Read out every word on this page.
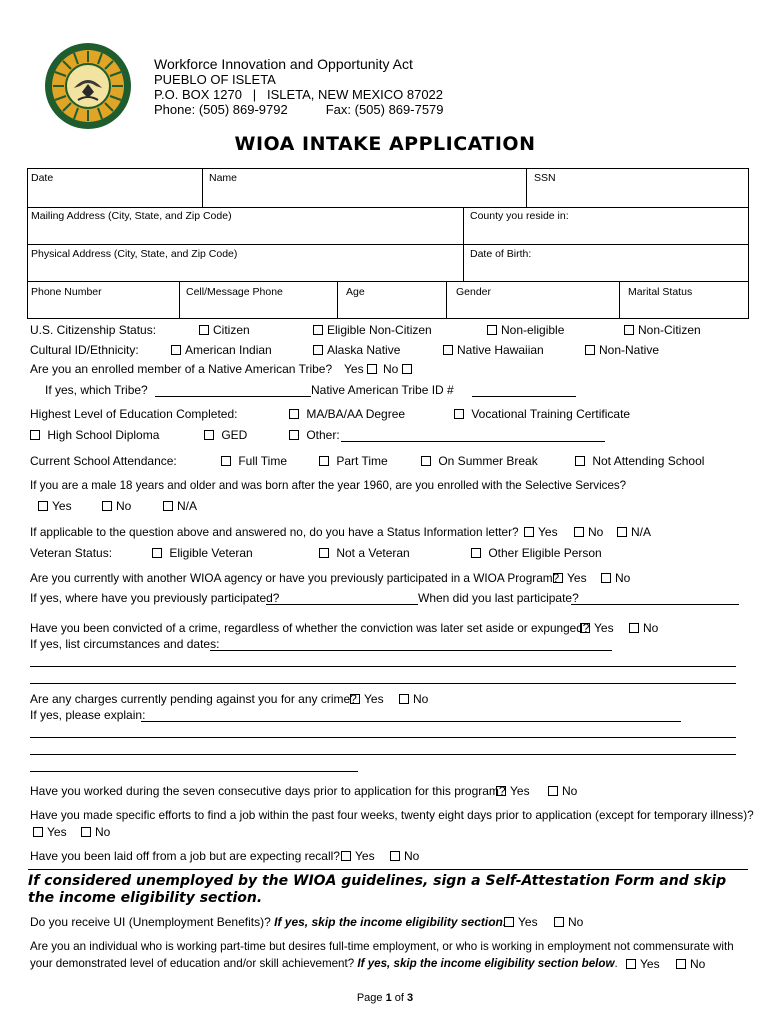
Workforce Innovation and Opportunity Act
PUEBLO OF ISLETA
P.O. BOX 1270   |   ISLETA, NEW MEXICO 87022
Phone: (505) 869-9792	Fax: (505) 869-7579
WIOA INTAKE APPLICATION
Date	Name	SSN
Mailing Address (City, State, and Zip Code)	County you reside in:
Physical Address (City, State, and Zip Code)	Date of Birth:
Phone Number	Cell/Message Phone	Age	Gender	Marital Status
U.S. Citizenship Status:	Citizen	Eligible Non-Citizen	Non-eligible	Non-Citizen
Cultural ID/Ethnicity:	American Indian	Alaska Native	Native Hawaiian	Non-Native
Are you an enrolled member of a Native American Tribe? Yes	No
If yes, which Tribe?	Native American Tribe ID #
Highest Level of Education Completed:	MA/BA/AA Degree	Vocational Training Certificate
High School Diploma	GED	Other:
Current School Attendance:	Full Time	Part Time	On Summer Break	Not Attending School
If you are a male 18 years and older and was born after the year 1960, are you enrolled with the Selective Services?
Yes	No	N/A
If applicable to the question above and answered no, do you have a Status Information letter?	Yes	No	N/A
Veteran Status:	Eligible Veteran	Not a Veteran	Other Eligible Person
Are you currently with another WIOA agency or have you previously participated in a WIOA Program? Yes	No
If yes, where have you previously participated?	When did you last participate?
Have you been convicted of a crime, regardless of whether the conviction was later set aside or expunged? Yes	No
If yes, list circumstances and dates:
Are any charges currently pending against you for any crime? Yes	No
If yes, please explain:
Have you worked during the seven consecutive days prior to application for this program? Yes	No
Have you made specific efforts to find a job within the past four weeks, twenty eight days prior to application (except for temporary illness)?
Yes	No
Have you been laid off from a job but are expecting recall?	Yes	No
If considered unemployed by the WIOA guidelines, sign a Self-Attestation Form and skip the income eligibility section.
Do you receive UI (Unemployment Benefits)? If yes, skip the income eligibility section. Yes	No
Are you an individual who is working part-time but desires full-time employment, or who is working in employment not commensurate with
your demonstrated level of education and/or skill achievement? If yes, skip the income eligibility section below.	Yes	No
Page 1 of 3
